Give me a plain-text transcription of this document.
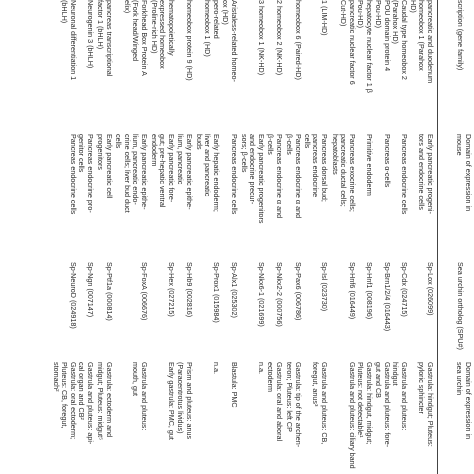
scription (gene family)
Domain of expression in
mouse
Sea urchin ortholog (SPU#)
Domain of expression in
sea urchin
pancreatic and duodenum
homeobox 1 (Parahox
HD)
Early pancreatic progeni-
tors and endocrine cells
Sp-Lox (026099)
Gastrula: hindgut; Pluteus:
pyloric sphincter
Caudal type homeobox 2
(Parahox HD)
Pancreas endocrine cells
Sp-Cdx (024715)
Gastrula and pluteus:
hindgut
POU domain protein 4
Pou-HD)
Pancreas α-cells
Sp-Brn1/2/4 (016443)
Gastrula and pluteus: fore-
gut and CB
hepatocyte nuclear factor 1 β
Pou-HD)
Primitive endoderm
Sp-Hnf1 (008196)
Gastrula: hindgut, midgut;
Pluteus: not detectable¹
pancreatic nuclear factor 6
Cut-HD)
Pancreas exocrine cells;
pancreatic ductal cells;
hepatoblasts
Sp-Hnf6 (016449)
Gastrula and pluteus: ciliary band
1 (LIM-HD)
Pancreas dorsal bud;
pancreas endocrine
cells
Sp-Isl (023730)
Gastrula and pluteus: CB,
foregut, anus³
homeobox 6 (Paired-HD)
Pancreas endocrine α and
β-cells
Sp-Pax6 (006786)
Gastrula: tip of the archen-
teron; Pluteus: left CP
2 homeobox 2 (NK-HD)
Pancreas endocrine α and
β-cells
Sp-Nkx2-2 (000756)
Gastrula: oral and aboral
ectoderm
3 homeobox 1 (NK-HD)
Early pancreatic progenitors
and endocrine precur-
sors; β-cells
Sp-Nkx6-1 (021699)
n.a.
Aristaless-related homeo-
ox (HD)
Pancreas endocrine cells
Sp-Alx1 (025302)
Blastula: PMC
pero-related
homeobox 1 (HD)
Early hepatic endoderm;
liver and pancreatic
buds
Sp-Prox1 (015984)
n.a.
homeobox protein 9 (HD)
Early pancreatic epithe-
lium, pancreatic
Sp-Hb9 (002816)
Prism and pluteus: anus
(Paracentrotus lividus)
hematopoietically
expressed homeobox
(Proline-rich HD)
Early pancreatic fore-
gut; pre-hepatic ventral
endoderm
Sp-Hex (027215)
Early gastrula: PMC, gut
Forkhead Box Protein A
(Fork head/Winged
elix)
Early pancreatic epithe-
lium, pancreatic endo-
crine cells; liver bud duct
cells
Sp-FoxA (006676)
Gastrula and pluteus:
mouth, gut
pancreas transcriptional
factor 1 (bHLH)
Early pancreatic cell
progenitors
Sp-Ptf1a (000814)
Gastrula: ectoderm and
midgut; Pluteus: midgut⁵
Neurogenin 3 (bHLH)
Pancreas endocrine pro-
genitor cells
Sp-Ngn (007147)
Gastrula and pluteus: api-
cal organ and CB²
Neuronal differentiation 1
(bHLH)
Pancreas endocrine cells
Sp-NeuroD (024918)
Gastrula: oral ectoderm;
Pluteus: CB, foregut,
stomach²
